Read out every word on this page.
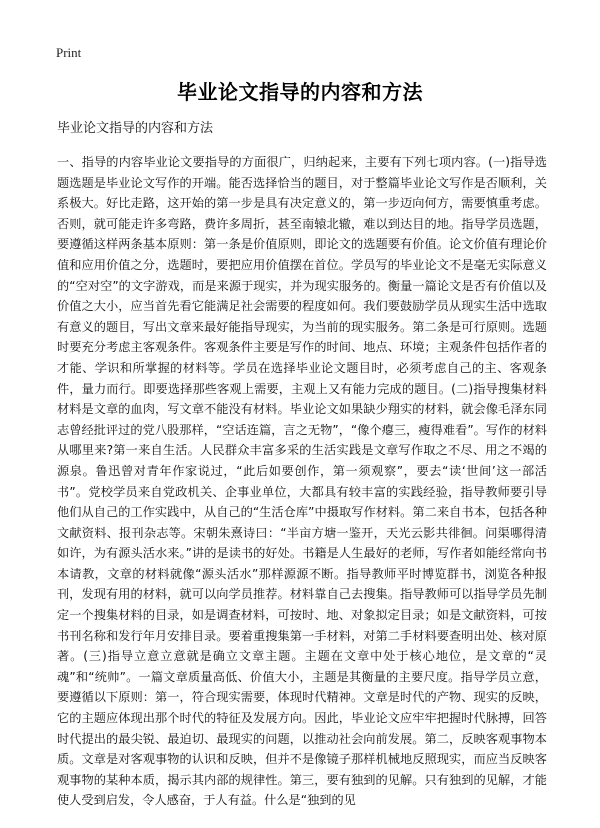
Print
毕业论文指导的内容和方法
毕业论文指导的内容和方法

一、指导的内容毕业论文要指导的方面很广，归纳起来，主要有下列七项内容。(一)指导选题选题是毕业论文写作的开端。能否选择恰当的题目，对于整篇毕业论文写作是否顺利，关系极大。好比走路，这开始的第一步是具有决定意义的，第一步迈向何方，需要慎重考虑。否则，就可能走许多弯路，费许多周折，甚至南辕北辙，难以到达目的地。指导学员选题，要遵循这样两条基本原则：第一条是价值原则，即论文的选题要有价值。论文价值有理论价值和应用价值之分，选题时，要把应用价值摆在首位。学员写的毕业论文不是毫无实际意义的“空对空”的文字游戏，而是来源于现实，并为现实服务的。衡量一篇论文是否有价值以及价值之大小，应当首先看它能满足社会需要的程度如何。我们要鼓励学员从现实生活中选取有意义的题目，写出文章来最好能指导现实，为当前的现实服务。第二条是可行原则。选题时要充分考虑主客观条件。客观条件主要是写作的时间、地点、环境；主观条件包括作者的才能、学识和所掌握的材料等。学员在选择毕业论文题目时，必须考虑自己的主、客观条件，量力而行。即要选择那些客观上需要，主观上又有能力完成的题目。(二)指导搜集材料材料是文章的血肉，写文章不能没有材料。毕业论文如果缺少翔实的材料，就会像毛泽东同志曾经批评过的党八股那样，“空话连篇，言之无物”，“像个瘪三，瘦得难看”。写作的材料从哪里来?第一来自生活。人民群众丰富多采的生活实践是文章写作取之不尽、用之不竭的源泉。鲁迅曾对青年作家说过，“此后如要创作，第一须观察”，要去“读‘世间’这一部活书”。党校学员来自党政机关、企事业单位，大都具有较丰富的实践经验，指导教师要引导他们从自己的工作实践中，从自己的“生活仓库”中摄取写作材料。第二来自书本，包括各种文献资料、报刊杂志等。宋朝朱熹诗曰：“半亩方塘一鉴开，天光云影共徘徊。问渠哪得清如许，为有源头活水来。”讲的是读书的好处。书籍是人生最好的老师，写作者如能经常向书本请教，文章的材料就像“源头活水”那样源源不断。指导教师平时博览群书，浏览各种报刊，发现有用的材料，就可以向学员推荐。材料靠自己去搜集。指导教师可以指导学员先制定一个搜集材料的目录，如是调查材料，可按时、地、对象拟定目录；如是文献资料，可按书刊名称和发行年月安排目录。要着重搜集第一手材料，对第二手材料要查明出处、核对原著。(三)指导立意立意就是确立文章主题。主题在文章中处于核心地位，是文章的“灵魂”和“统帅”。一篇文章质量高低、价值大小，主题是其衡量的主要尺度。指导学员立意，要遵循以下原则：第一，符合现实需要，体现时代精神。文章是时代的产物、现实的反映，它的主题应体现出那个时代的特征及发展方向。因此，毕业论文应牢牢把握时代脉搏，回答时代提出的最尖锐、最迫切、最现实的问题，以推动社会向前发展。第二，反映客观事物本质。文章是对客观事物的认识和反映，但并不是像镜子那样机械地反照现实，而应当反映客观事物的某种本质，揭示其内部的规律性。第三，要有独到的见解。只有独到的见解，才能使人受到启发，令人感奋，于人有益。什么是“独到的见
